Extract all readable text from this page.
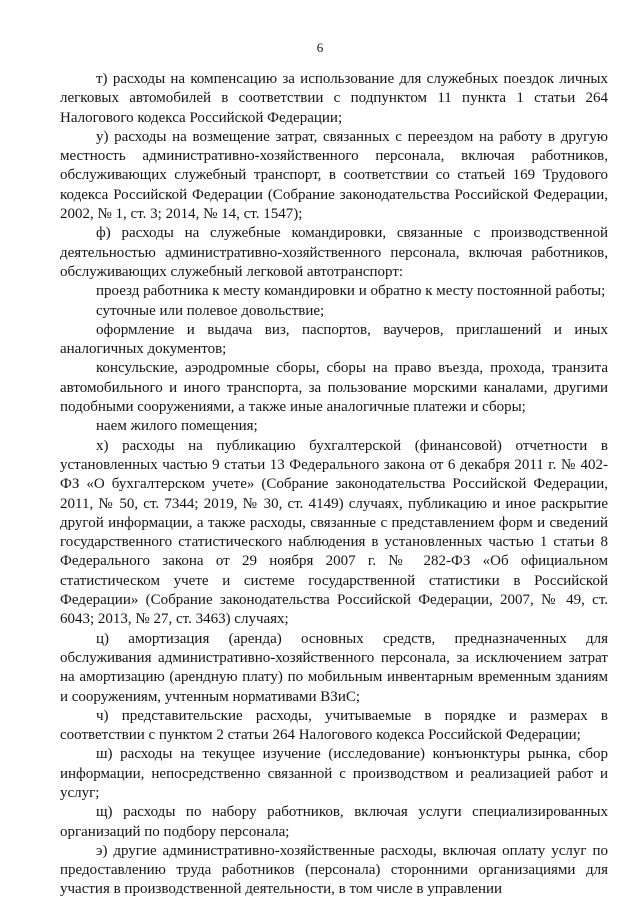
6

т) расходы на компенсацию за использование для служебных поездок личных легковых автомобилей в соответствии с подпунктом 11 пункта 1 статьи 264 Налогового кодекса Российской Федерации;

у) расходы на возмещение затрат, связанных с переездом на работу в другую местность административно-хозяйственного персонала, включая работников, обслуживающих служебный транспорт, в соответствии со статьей 169 Трудового кодекса Российской Федерации (Собрание законодательства Российской Федерации, 2002, № 1, ст. 3; 2014, № 14, ст. 1547);

ф) расходы на служебные командировки, связанные с производственной деятельностью административно-хозяйственного персонала, включая работников, обслуживающих служебный легковой автотранспорт:

проезд работника к месту командировки и обратно к месту постоянной работы;

суточные или полевое довольствие;

оформление и выдача виз, паспортов, ваучеров, приглашений и иных аналогичных документов;

консульские, аэродромные сборы, сборы на право въезда, прохода, транзита автомобильного и иного транспорта, за пользование морскими каналами, другими подобными сооружениями, а также иные аналогичные платежи и сборы;

наем жилого помещения;

х) расходы на публикацию бухгалтерской (финансовой) отчетности в установленных частью 9 статьи 13 Федерального закона от 6 декабря 2011 г. № 402-ФЗ «О бухгалтерском учете» (Собрание законодательства Российской Федерации, 2011, № 50, ст. 7344; 2019, № 30, ст. 4149) случаях, публикацию и иное раскрытие другой информации, а также расходы, связанные с представлением форм и сведений государственного статистического наблюдения в установленных частью 1 статьи 8 Федерального закона от 29 ноября 2007 г. № 282-ФЗ «Об официальном статистическом учете и системе государственной статистики в Российской Федерации» (Собрание законодательства Российской Федерации, 2007, № 49, ст. 6043; 2013, № 27, ст. 3463) случаях;

ц) амортизация (аренда) основных средств, предназначенных для обслуживания административно-хозяйственного персонала, за исключением затрат на амортизацию (арендную плату) по мобильным инвентарным временным зданиям и сооружениям, учтенным нормативами ВЗиС;

ч) представительские расходы, учитываемые в порядке и размерах в соответствии с пунктом 2 статьи 264 Налогового кодекса Российской Федерации;

ш) расходы на текущее изучение (исследование) конъюнктуры рынка, сбор информации, непосредственно связанной с производством и реализацией работ и услуг;

щ) расходы по набору работников, включая услуги специализированных организаций по подбору персонала;

э) другие административно-хозяйственные расходы, включая оплату услуг по предоставлению труда работников (персонала) сторонними организациями для участия в производственной деятельности, в том числе в управлении
